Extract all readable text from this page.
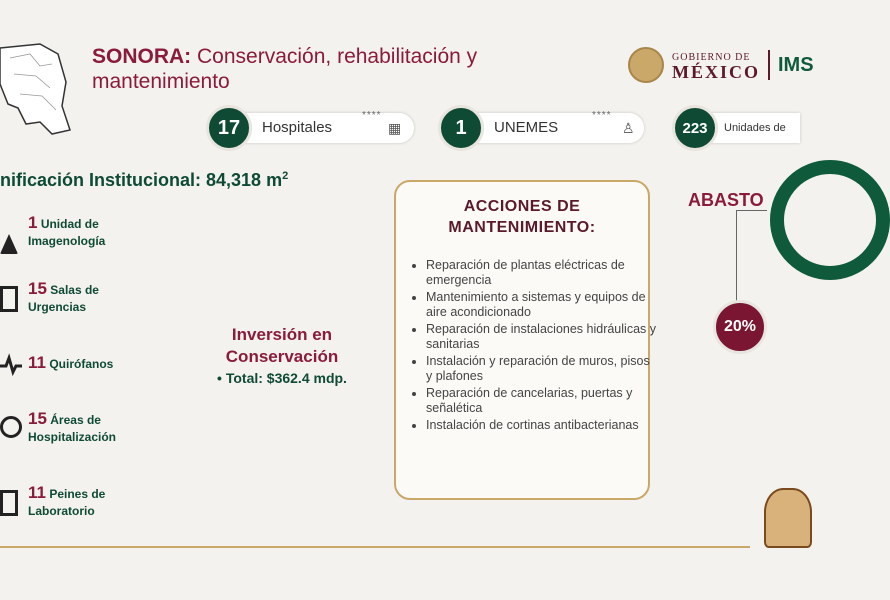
SONORA: Conservación, rehabilitación y mantenimiento
GOBIERNO DE
MÉXICO IMS
17	Hospitales
****
▦	1	UNEMES
****
♙	223	Unidades de
nificación Institucional: 84,318 $m^2$
1 Unidad de
Imagenología
15 Salas de
Urgencias
11 Quirófanos
15 Áreas de
Hospitalización
11 Peines de
Laboratorio
Inversión en
Conservación
• Total: $362.4 mdp.
ACCIONES DE
MANTENIMIENTO:
• Reparación de plantas eléctricas de emergencia
• Mantenimiento a sistemas y equipos de aire acondicionado
• Reparación de instalaciones hidráulicas y sanitarias
• Instalación y reparación de muros, pisos y plafones
• Reparación de cancelarias, puertas y señalética
• Instalación de cortinas antibacterianas
ABASTO
20%
